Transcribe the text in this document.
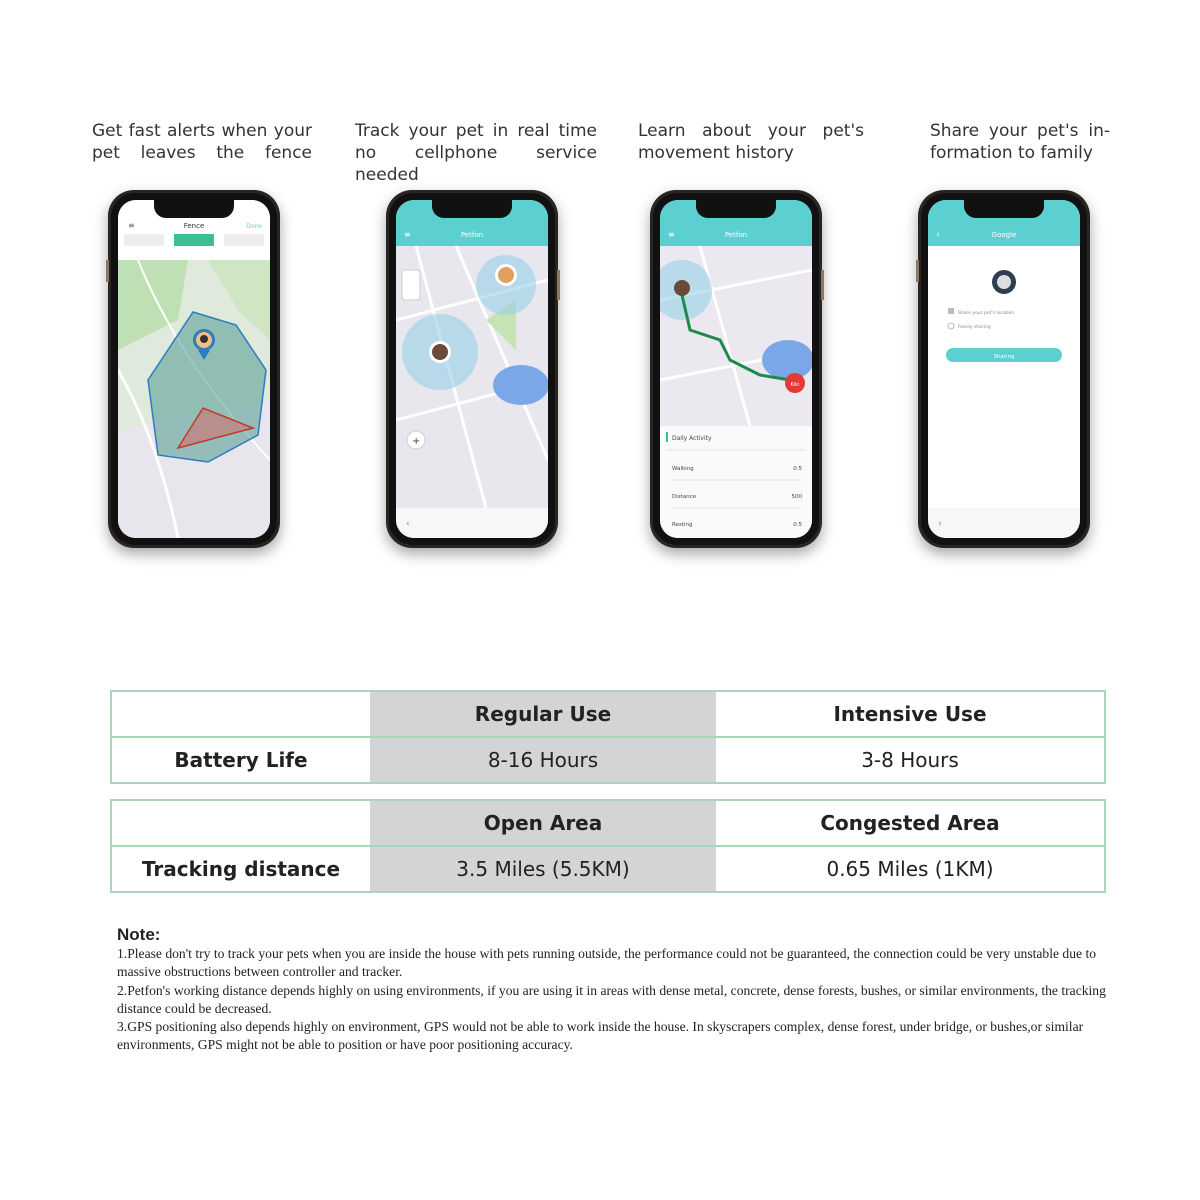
Get fast alerts when your
pet leaves the fence
Track your pet in real time
no cellphone service needed
Learn about your pet's
movement history
Share your pet's in-
formation to family
≡	Fence	Done
Petfon
≡
+
‹
Petfon
≡
Kiki
Daily Activity
Walking	0.5
Distance	500
Resting	0.5
Google
‹
Share your pet's location
Family sharing
Sharing
‹
	Regular Use	Intensive Use
Battery Life	8-16 Hours	3-8 Hours
	Open Area	Congested Area
Tracking distance	3.5 Miles (5.5KM)	0.65 Miles (1KM)
Note:

1.Please don't try to track your pets when you are inside the house with pets running outside, the performance could not be guaranteed, the connection could be very unstable due to massive obstructions between controller and tracker.

2.Petfon's working distance depends highly on using environments, if you are using it in areas with dense metal, concrete, dense forests, bushes, or similar environments, the tracking distance could be decreased.

3.GPS positioning also depends highly on environment, GPS would not be able to work inside the house. In skyscrapers complex, dense forest, under bridge, or bushes,or similar environments, GPS might not be able to position or have poor positioning accuracy.
